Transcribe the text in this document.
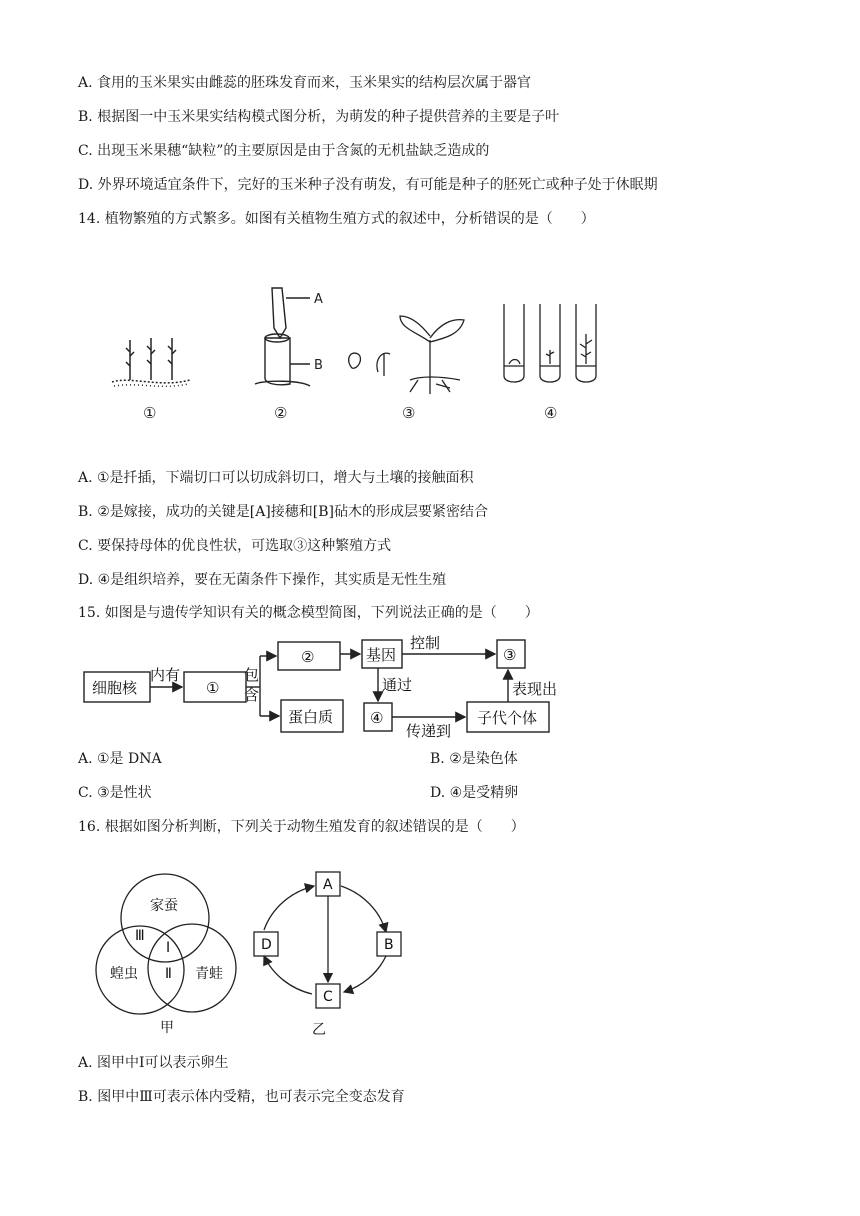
A. 食用的玉米果实由雌蕊的胚珠发育而来，玉米果实的结构层次属于器官
B. 根据图一中玉米果实结构模式图分析，为萌发的种子提供营养的主要是子叶
C. 出现玉米果穗“缺粒”的主要原因是由于含氮的无机盐缺乏造成的
D. 外界环境适宜条件下，完好的玉米种子没有萌发，有可能是种子的胚死亡或种子处于休眠期
14. 植物繁殖的方式繁多。如图有关植物生殖方式的叙述中，分析错误的是（　　）
A
B
①	②	③	④
A. ①是扦插，下端切口可以切成斜切口，增大与土壤的接触面积
B. ②是嫁接，成功的关键是[A]接穗和[B]砧木的形成层要紧密结合
C. 要保持母体的优良性状，可选取③这种繁殖方式
D. ④是组织培养，要在无菌条件下操作，其实质是无性生殖
15. 如图是与遗传学知识有关的概念模型简图，下列说法正确的是（　　）
细胞核
内有
①
包
含
②	基因
控制
③
通过	表现出
④
传递到
子代个体
蛋白质
A. ①是 DNA	B. ②是染色体
C. ③是性状	D. ④是受精卵
16. 根据如图分析判断，下列关于动物生殖发育的叙述错误的是（　　）
家蚕
蝗虫	青蛙
Ⅰ
Ⅱ
Ⅲ
甲	乙
A
B
C
D
A. 图甲中Ⅰ可以表示卵生
B. 图甲中Ⅲ可表示体内受精，也可表示完全变态发育
